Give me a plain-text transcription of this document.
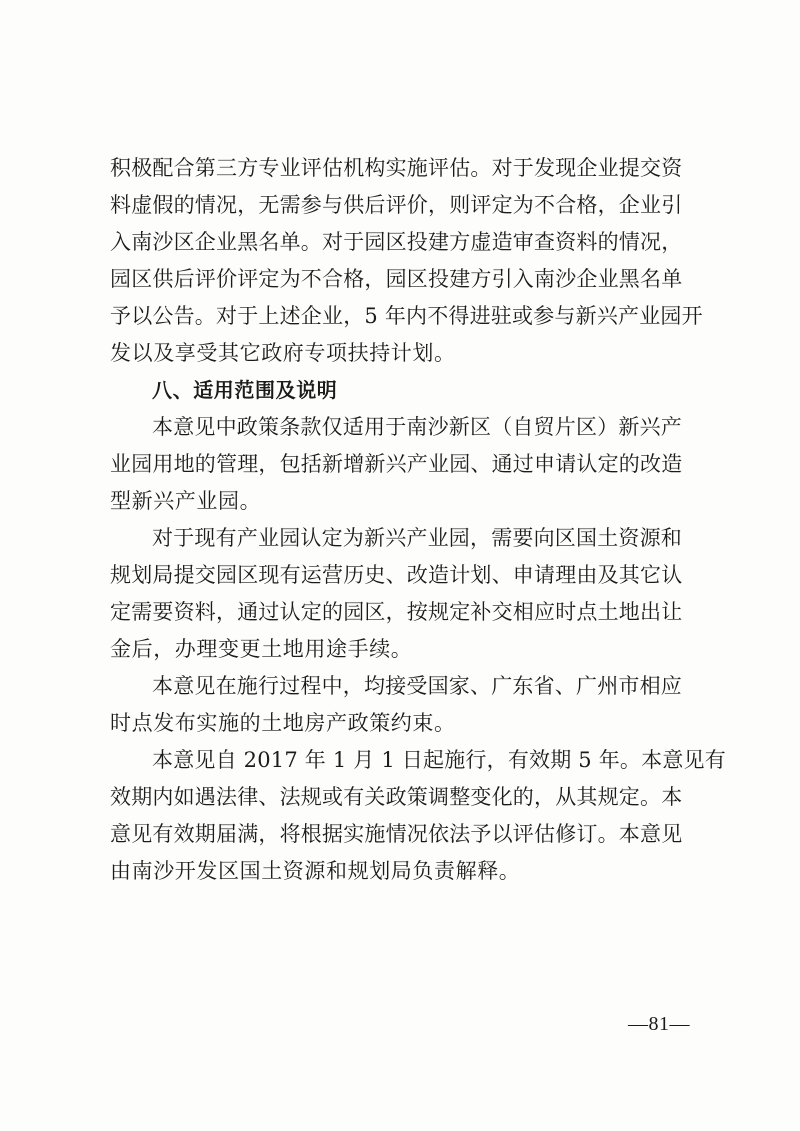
积极配合第三方专业评估机构实施评估。对于发现企业提交资
料虚假的情况，无需参与供后评价，则评定为不合格，企业引
入南沙区企业黑名单。对于园区投建方虚造审查资料的情况，
园区供后评价评定为不合格，园区投建方引入南沙企业黑名单
予以公告。对于上述企业，5 年内不得进驻或参与新兴产业园开
发以及享受其它政府专项扶持计划。
八、适用范围及说明
本意见中政策条款仅适用于南沙新区（自贸片区）新兴产
业园用地的管理，包括新增新兴产业园、通过申请认定的改造
型新兴产业园。
对于现有产业园认定为新兴产业园，需要向区国土资源和
规划局提交园区现有运营历史、改造计划、申请理由及其它认
定需要资料，通过认定的园区，按规定补交相应时点土地出让
金后，办理变更土地用途手续。
本意见在施行过程中，均接受国家、广东省、广州市相应
时点发布实施的土地房产政策约束。
本意见自 2017 年 1 月 1 日起施行，有效期 5 年。本意见有
效期内如遇法律、法规或有关政策调整变化的，从其规定。本
意见有效期届满，将根据实施情况依法予以评估修订。本意见
由南沙开发区国土资源和规划局负责解释。
—81—
